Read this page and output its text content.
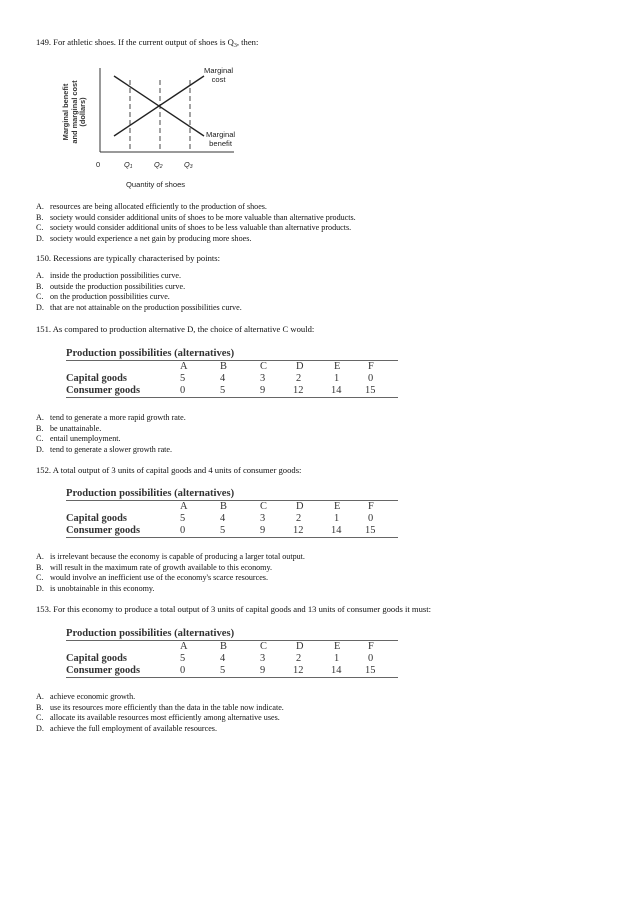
149. For athletic shoes. If the current output of shoes is $Q_3$, then:
Marginal benefit and marginal cost (dollars)
Marginal
cost
Marginal
benefit
0	$Q_1$	$Q_2$	$Q_3$
Quantity of shoes
A. resources are being allocated efficiently to the production of shoes.
B. society would consider additional units of shoes to be more valuable than alternative products.
C. society would consider additional units of shoes to be less valuable than alternative products.
D. society would experience a net gain by producing more shoes.
150. Recessions are typically characterised by points:
A. inside the production possibilities curve.
B. outside the production possibilities curve.
C. on the production possibilities curve.
D. that are not attainable on the production possibilities curve.
151. As compared to production alternative D, the choice of alternative C would:
Production possibilities (alternatives)
A	B	C	D	E	F
Capital goods	5	4	3	2	1	0
Consumer goods	0	5	9	12	14 15
A. tend to generate a more rapid growth rate.
B. be unattainable.
C. entail unemployment.
D. tend to generate a slower growth rate.
152. A total output of 3 units of capital goods and 4 units of consumer goods:
Production possibilities (alternatives)
A	B	C	D	E	F
Capital goods	5	4	3	2	1	0
Consumer goods	0	5	9	12	14 15
A. is irrelevant because the economy is capable of producing a larger total output.
B. will result in the maximum rate of growth available to this economy.
C. would involve an inefficient use of the economy's scarce resources.
D. is unobtainable in this economy.
153. For this economy to produce a total output of 3 units of capital goods and 13 units of consumer goods it must:
Production possibilities (alternatives)
A	B	C	D	E	F
Capital goods	5	4	3	2	1	0
Consumer goods	0	5	9	12	14 15
A. achieve economic growth.
B. use its resources more efficiently than the data in the table now indicate.
C. allocate its available resources most efficiently among alternative uses.
D. achieve the full employment of available resources.
